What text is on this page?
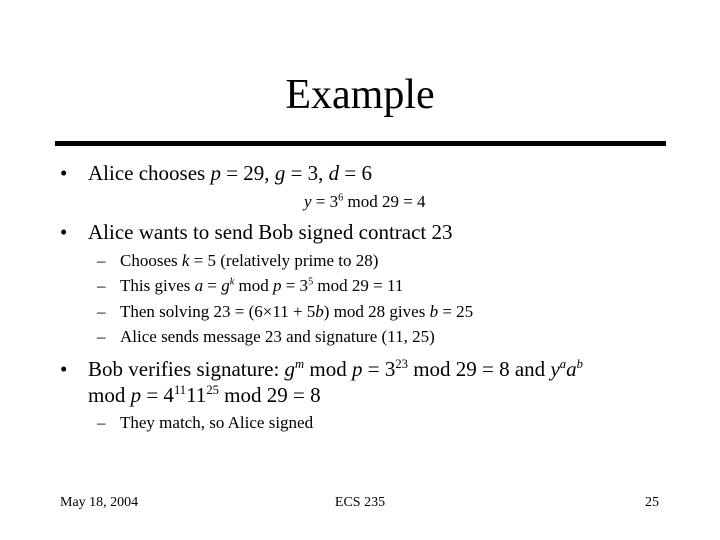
Example
• Alice chooses p = 29, g = 3, d = 6
$y = 3^6$ mod 29 = 4
• Alice wants to send Bob signed contract 23
– Chooses k = 5 (relatively prime to 28)
– This gives $a = g^k$ mod $p = 3^5$ mod 29 = 11
– Then solving 23 = (6×11 + 5b) mod 28 gives b = 25
– Alice sends message 23 and signature (11, 25)
• Bob verifies signature: $g^m$ mod $p = 3^{23}$ mod 29 = 8 and $y^aa^b$
mod $p = 4^{11}11^{25}$ mod 29 = 8
– They match, so Alice signed
May 18, 2004	ECS 235	25
